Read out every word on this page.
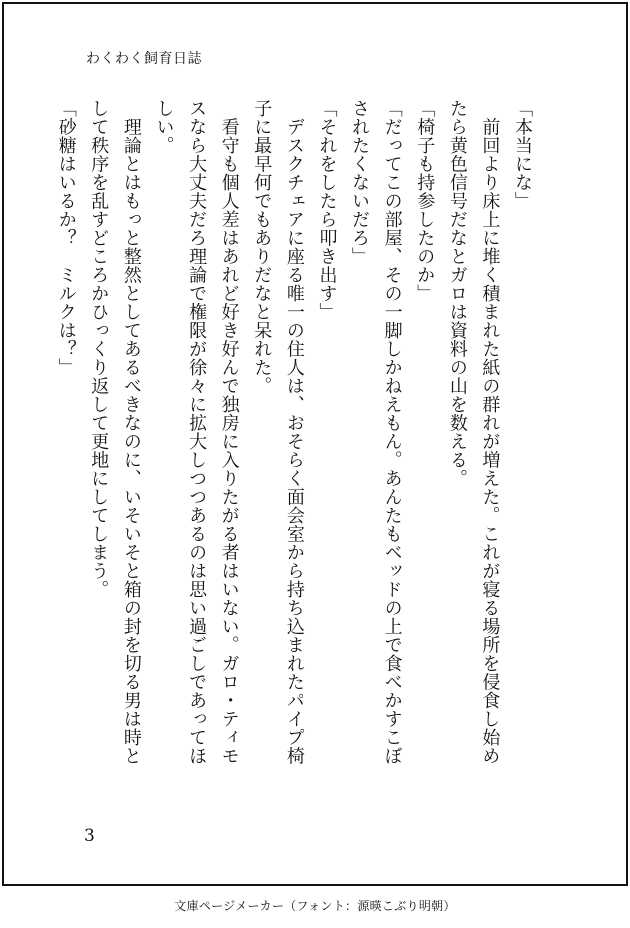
わくわく飼育日誌

「本当にな」

　前回より床上に堆く積まれた紙の群れが増えた。これが寝る場所を侵食し始め

たら黄色信号だなとガロは資料の山を数える。

「椅子も持参したのか」

「だってこの部屋、その一脚しかねえもん。あんたもベッドの上で食べかすこぼ

されたくないだろ」

「それをしたら叩き出す」

　デスクチェアに座る唯一の住人は、おそらく面会室から持ち込まれたパイプ椅

子に最早何でもありだなと呆れた。

　看守も個人差はあれど好き好んで独房に入りたがる者はいない。ガロ・ティモ

スなら大丈夫だろ理論で権限が徐々に拡大しつつあるのは思い過ごしであってほ

しい。

　理論とはもっと整然としてあるべきなのに、いそいそと箱の封を切る男は時と

して秩序を乱すどころかひっくり返して更地にしてしまう。

「砂糖はいるか？　ミルクは？」

3
文庫ページメーカー（フォント：源暎こぶり明朝）
